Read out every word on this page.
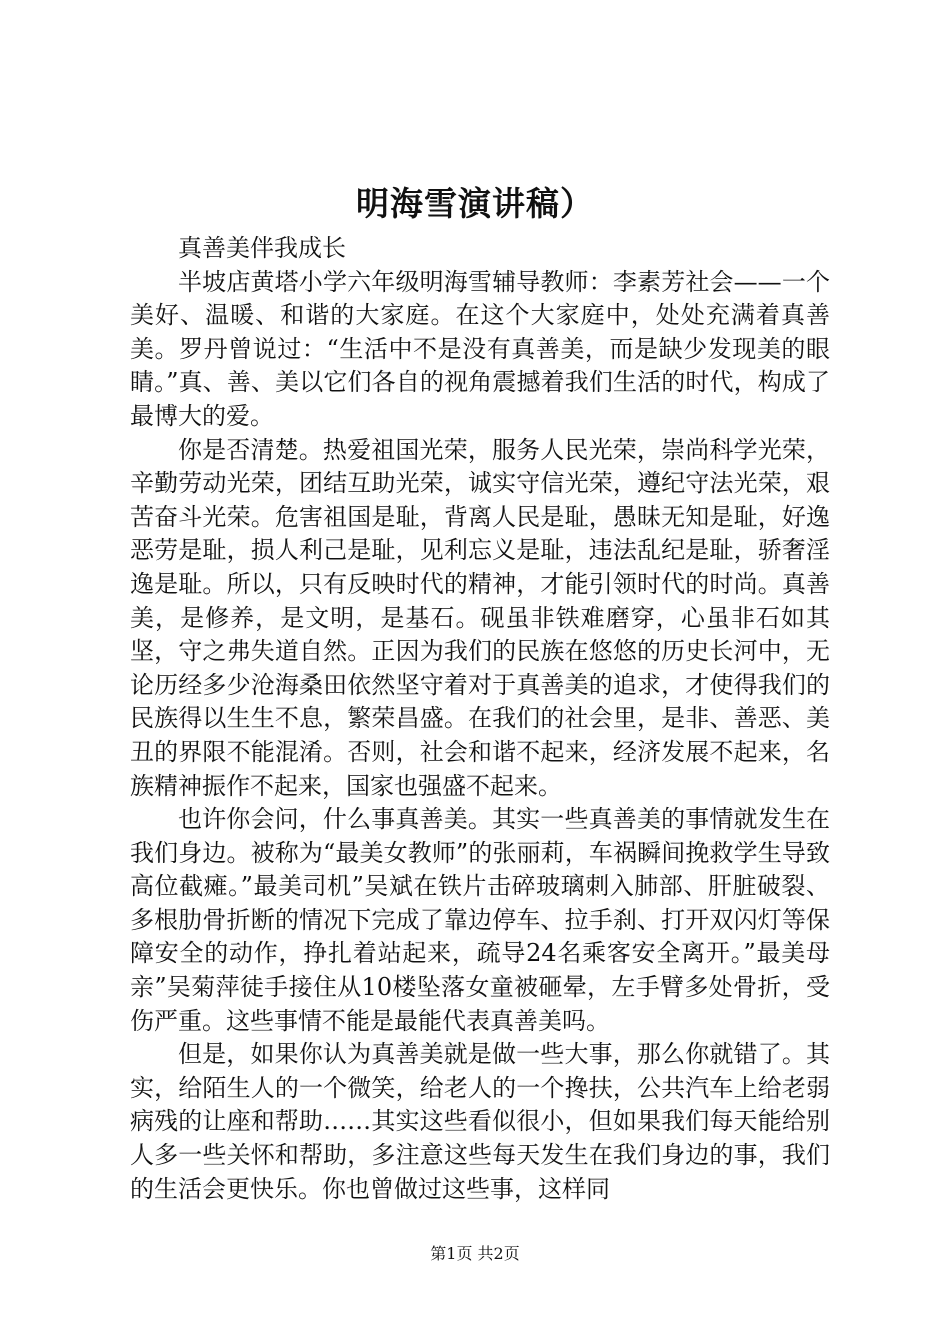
明海雪演讲稿）

真善美伴我成长

半坡店黄塔小学六年级明海雪辅导教师：李素芳社会——一个美好、温暖、和谐的大家庭。在这个大家庭中，处处充满着真善美。罗丹曾说过：“生活中不是没有真善美，而是缺少发现美的眼睛。”真、善、美以它们各自的视角震撼着我们生活的时代，构成了最博大的爱。

你是否清楚。热爱祖国光荣，服务人民光荣，崇尚科学光荣，辛勤劳动光荣，团结互助光荣，诚实守信光荣，遵纪守法光荣，艰苦奋斗光荣。危害祖国是耻，背离人民是耻，愚昧无知是耻，好逸恶劳是耻，损人利己是耻，见利忘义是耻，违法乱纪是耻，骄奢淫逸是耻。所以，只有反映时代的精神，才能引领时代的时尚。真善美，是修养，是文明，是基石。砚虽非铁难磨穿，心虽非石如其坚，守之弗失道自然。正因为我们的民族在悠悠的历史长河中，无论历经多少沧海桑田依然坚守着对于真善美的追求，才使得我们的民族得以生生不息，繁荣昌盛。在我们的社会里，是非、善恶、美丑的界限不能混淆。否则，社会和谐不起来，经济发展不起来，名族精神振作不起来，国家也强盛不起来。

也许你会问，什么事真善美。其实一些真善美的事情就发生在我们身边。被称为“最美女教师”的张丽莉，车祸瞬间挽救学生导致高位截瘫。”最美司机”吴斌在铁片击碎玻璃刺入肺部、肝脏破裂、多根肋骨折断的情况下完成了靠边停车、拉手刹、打开双闪灯等保障安全的动作，挣扎着站起来，疏导24名乘客安全离开。”最美母亲”吴菊萍徒手接住从10楼坠落女童被砸晕，左手臂多处骨折，受伤严重。这些事情不能是最能代表真善美吗。

但是，如果你认为真善美就是做一些大事，那么你就错了。其实，给陌生人的一个微笑，给老人的一个搀扶，公共汽车上给老弱病残的让座和帮助……其实这些看似很小，但如果我们每天能给别人多一些关怀和帮助，多注意这些每天发生在我们身边的事，我们的生活会更快乐。你也曾做过这些事，这样同

第1页 共2页
